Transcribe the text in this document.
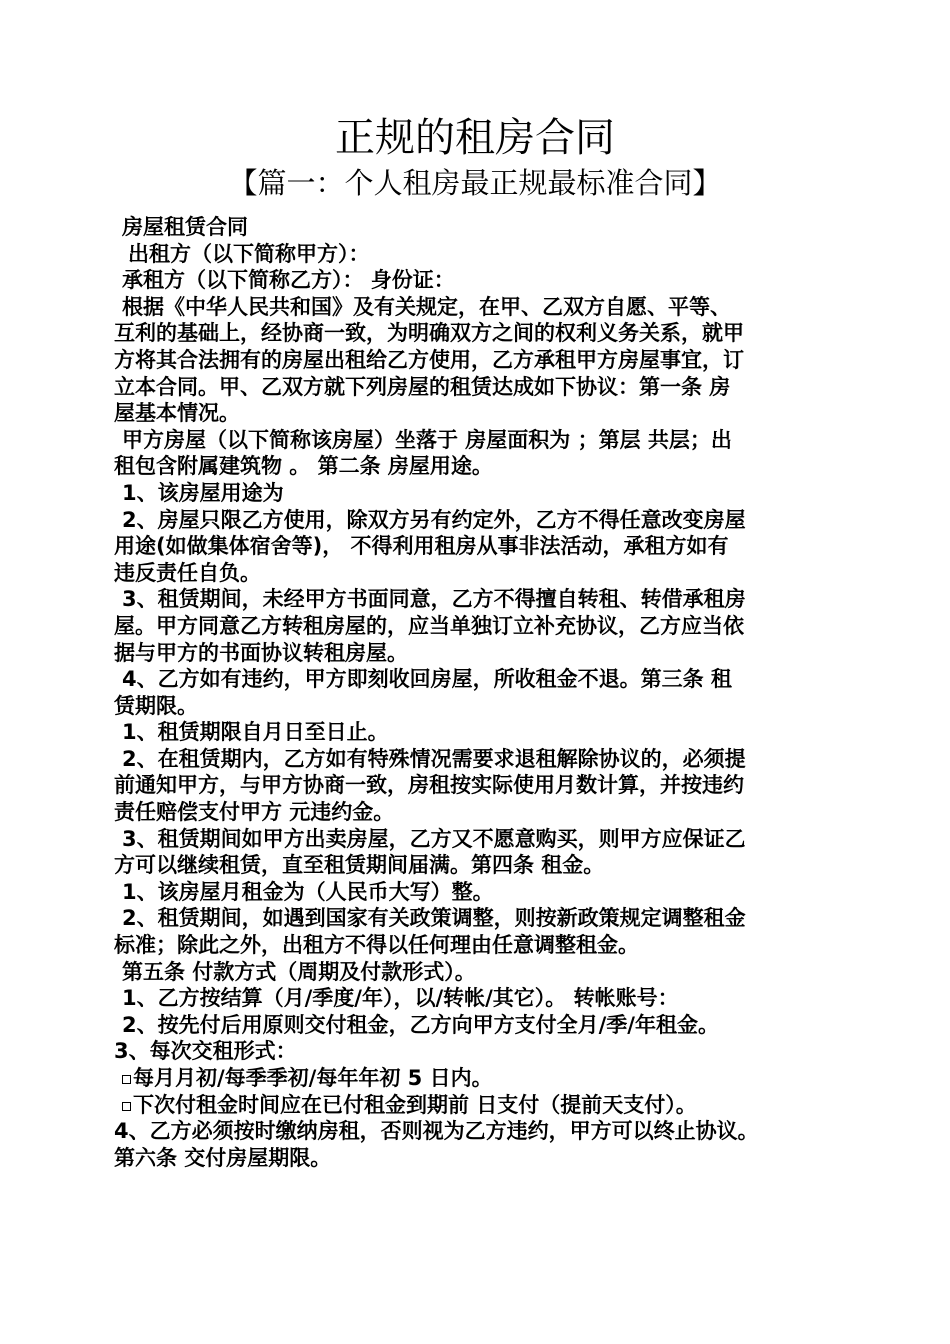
正规的租房合同
【篇一：个人租房最正规最标准合同】
房屋租赁合同
出租方（以下简称甲方）：
承租方（以下简称乙方）： 身份证：
根据《中华人民共和国》及有关规定，在甲、乙双方自愿、平等、
互利的基础上，经协商一致，为明确双方之间的权利义务关系，就甲
方将其合法拥有的房屋出租给乙方使用，乙方承租甲方房屋事宜，订
立本合同。甲、乙双方就下列房屋的租赁达成如下协议：第一条 房
屋基本情况。
甲方房屋（以下简称该房屋）坐落于 房屋面积为 ；第层 共层；出
租包含附属建筑物 。 第二条 房屋用途。
1、该房屋用途为
2、房屋只限乙方使用，除双方另有约定外，乙方不得任意改变房屋
用途(如做集体宿舍等)， 不得利用租房从事非法活动，承租方如有
违反责任自负。
3、租赁期间，未经甲方书面同意，乙方不得擅自转租、转借承租房
屋。甲方同意乙方转租房屋的，应当单独订立补充协议，乙方应当依
据与甲方的书面协议转租房屋。
4、乙方如有违约，甲方即刻收回房屋，所收租金不退。第三条 租
赁期限。
1、租赁期限自月日至日止。
2、在租赁期内，乙方如有特殊情况需要求退租解除协议的，必须提
前通知甲方，与甲方协商一致，房租按实际使用月数计算，并按违约
责任赔偿支付甲方 元违约金。
3、租赁期间如甲方出卖房屋，乙方又不愿意购买，则甲方应保证乙
方可以继续租赁，直至租赁期间届满。第四条 租金。
1、该房屋月租金为（人民币大写）整。
2、租赁期间，如遇到国家有关政策调整，则按新政策规定调整租金
标准；除此之外，出租方不得以任何理由任意调整租金。
第五条 付款方式（周期及付款形式）。
1、乙方按结算（月/季度/年），以/转帐/其它）。 转帐账号：
2、按先付后用原则交付租金，乙方向甲方支付全月/季/年租金。
3、每次交租形式：
每月月初/每季季初/每年年初 5 日内。
下次付租金时间应在已付租金到期前 日支付（提前天支付）。
4、乙方必须按时缴纳房租，否则视为乙方违约，甲方可以终止协议。
第六条 交付房屋期限。
